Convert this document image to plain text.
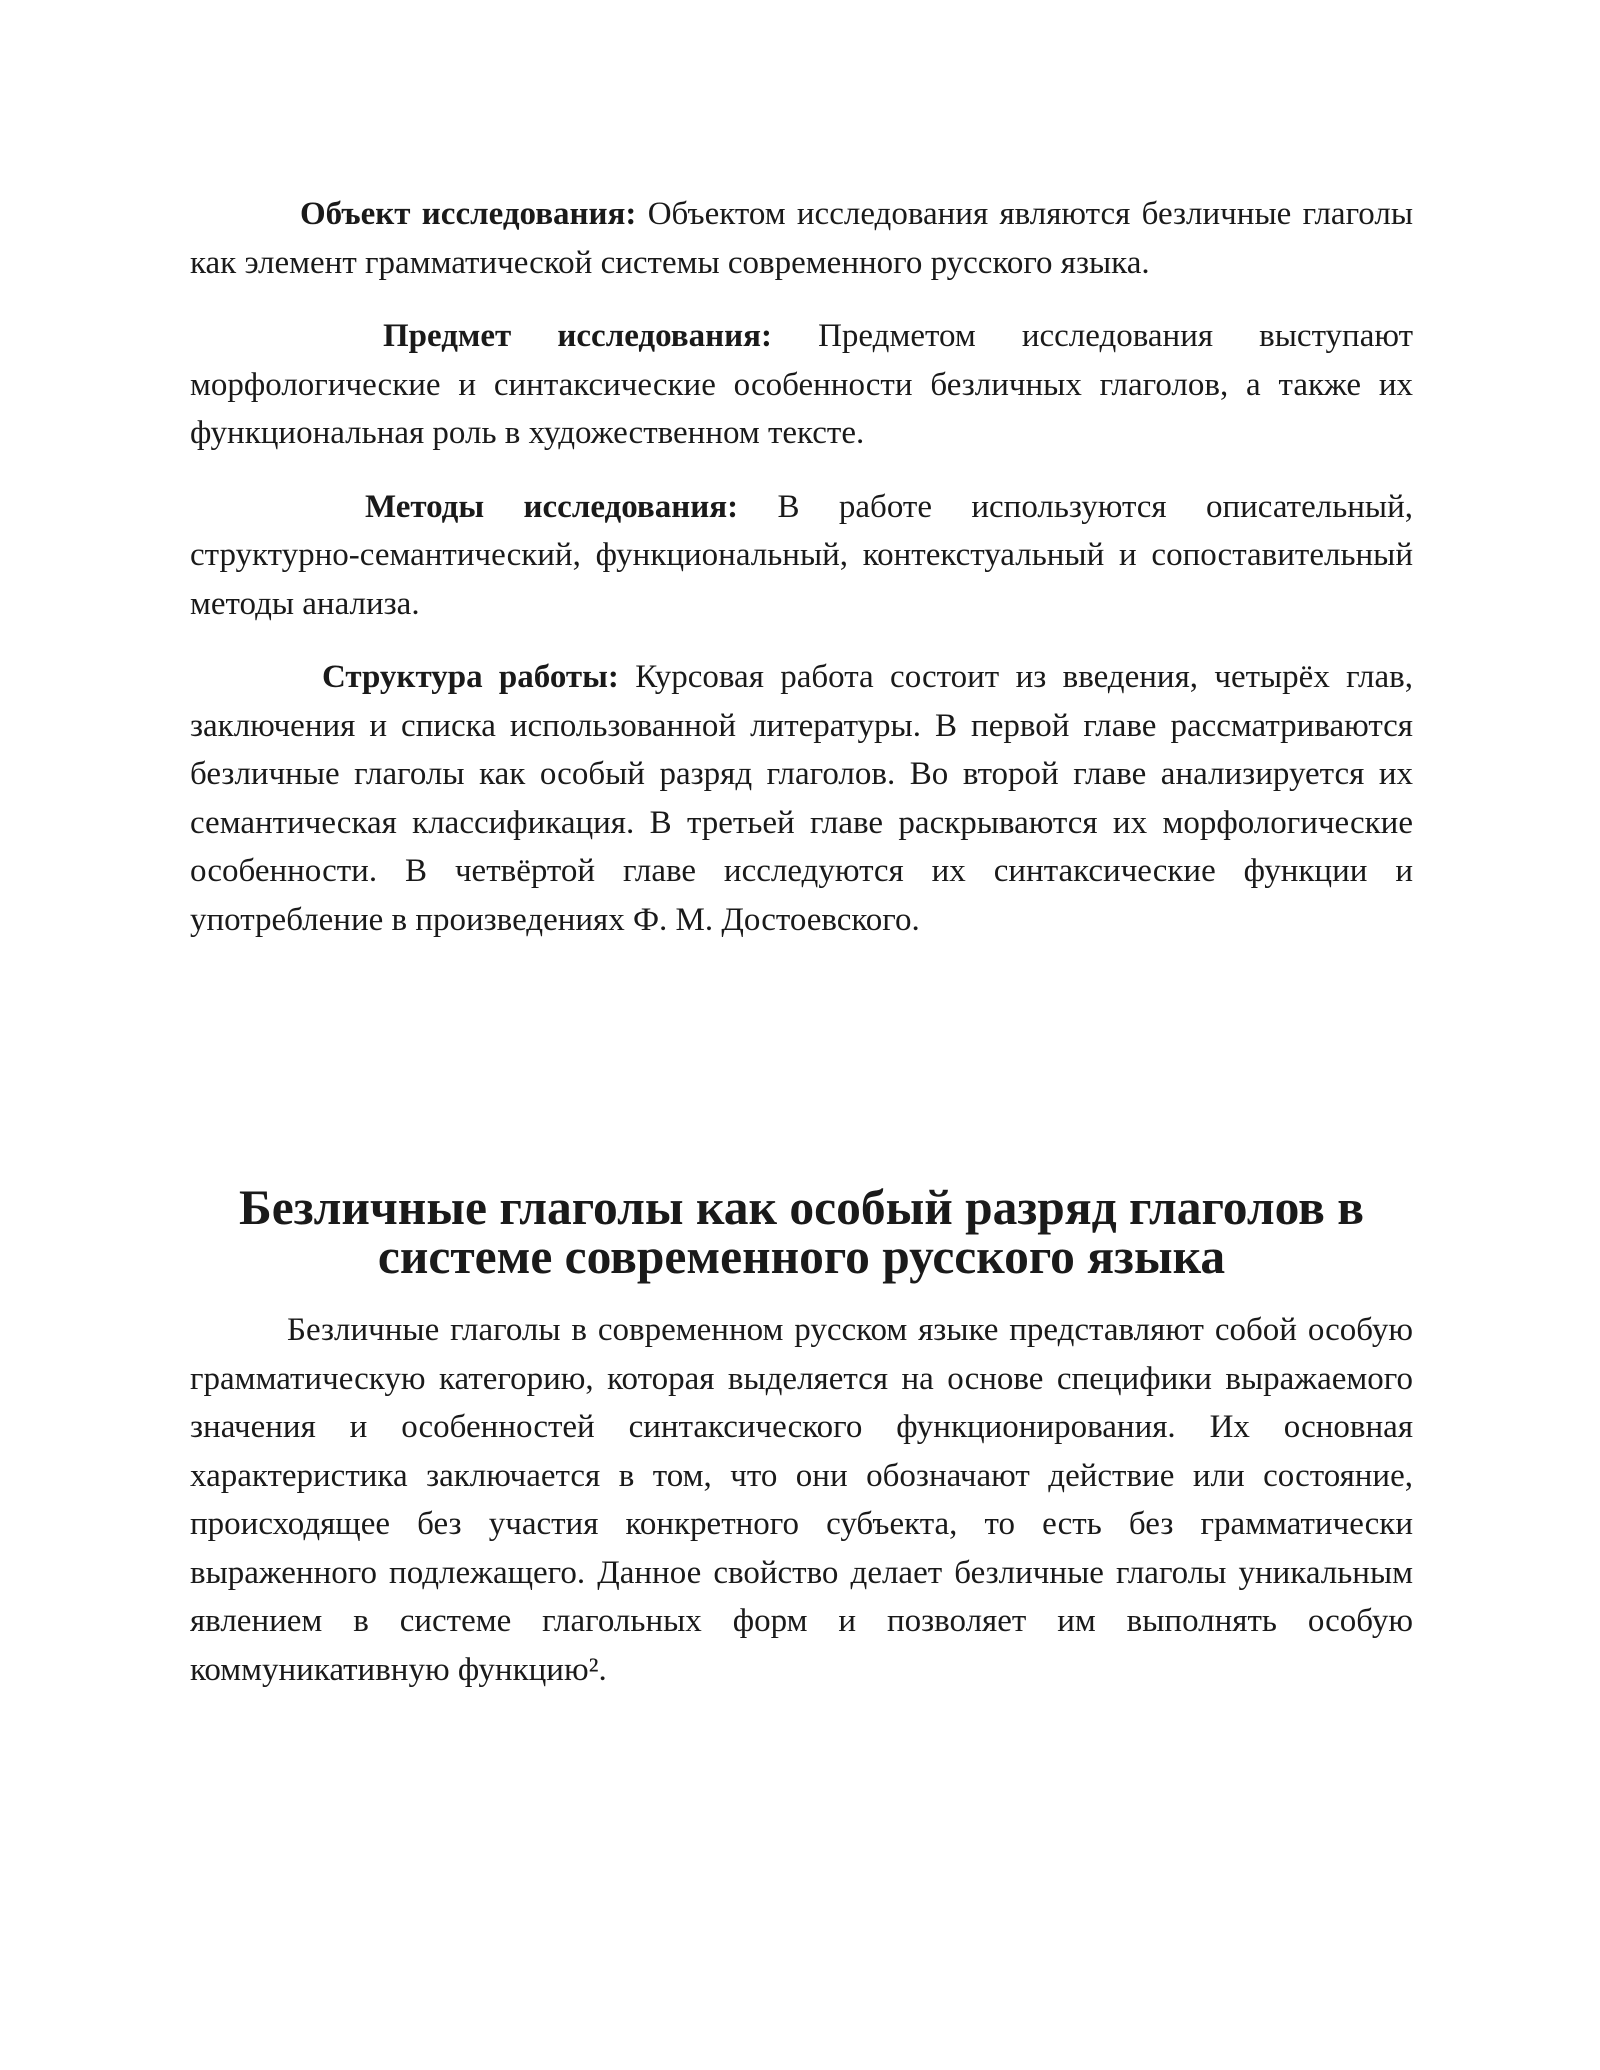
Объект исследования: Объектом исследования являются безличные глаголы как элемент грамматической системы современного русского языка.

Предмет исследования: Предметом исследования выступают морфологические и синтаксические особенности безличных глаголов, а также их функциональная роль в художественном тексте.

Методы исследования: В работе используются описательный, структурно-семантический, функциональный, контекстуальный и сопоставительный методы анализа.

Структура работы: Курсовая работа состоит из введения, четырёх глав, заключения и списка использованной литературы. В первой главе рассматриваются безличные глаголы как особый разряд глаголов. Во второй главе анализируется их семантическая классификация. В третьей главе раскрываются их морфологические особенности. В четвёртой главе исследуются их синтаксические функции и употребление в произведениях Ф. М. Достоевского.

Безличные глаголы как особый разряд глаголов в системе современного русского языка

Безличные глаголы в современном русском языке представляют собой особую грамматическую категорию, которая выделяется на основе специфики выражаемого значения и особенностей синтаксического функционирования. Их основная характеристика заключается в том, что они обозначают действие или состояние, происходящее без участия конкретного субъекта, то есть без грамматически выраженного подлежащего. Данное свойство делает безличные глаголы уникальным явлением в системе глагольных форм и позволяет им выполнять особую коммуникативную функцию².
